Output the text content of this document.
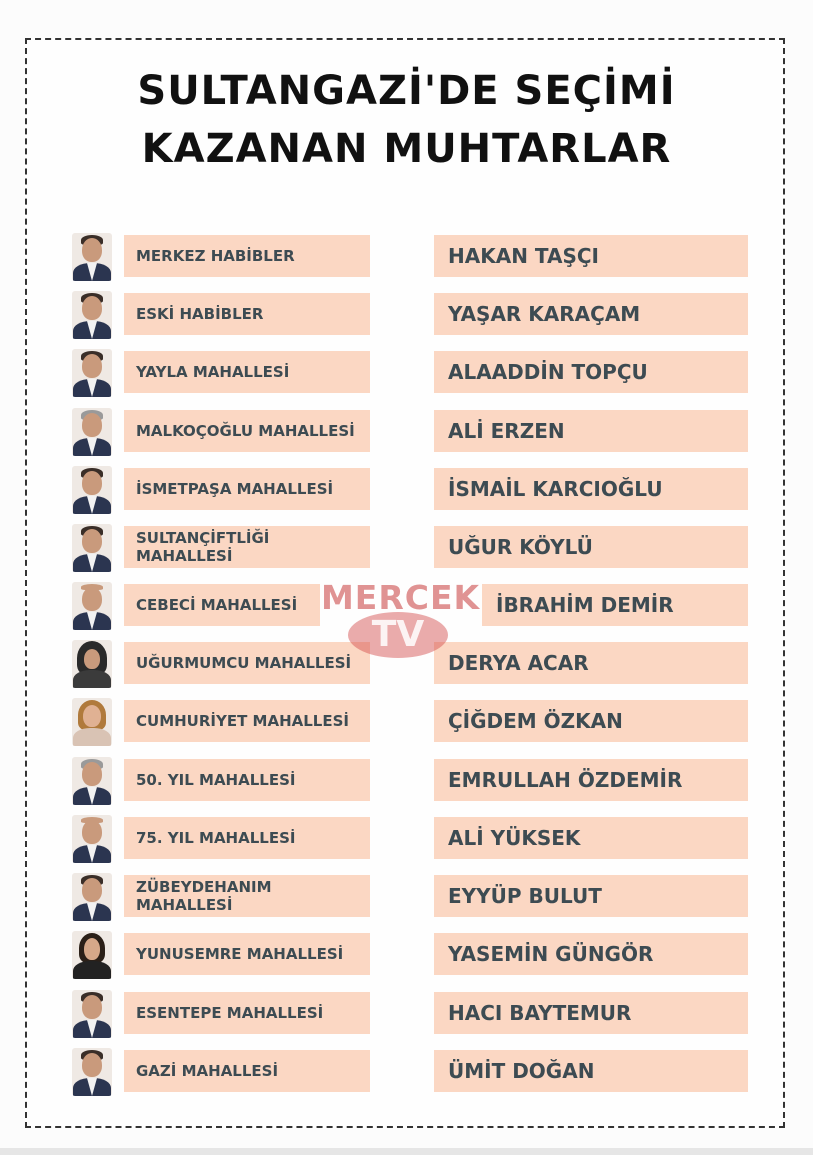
SULTANGAZİ'DE SEÇİMİ
KAZANAN MUHTARLAR
MERKEZ HABİBLER	HAKAN TAŞÇI
ESKİ HABİBLER	YAŞAR KARAÇAM
YAYLA MAHALLESİ	ALAADDİN TOPÇU
MALKOÇOĞLU MAHALLESİ	ALİ ERZEN
İSMETPAŞA MAHALLESİ	İSMAİL KARCIOĞLU
SULTANÇİFTLİĞİ MAHALLESİ	UĞUR KÖYLÜ
CEBECİ MAHALLESİ	İBRAHİM DEMİR
UĞURMUMCU MAHALLESİ	DERYA ACAR
CUMHURİYET MAHALLESİ	ÇİĞDEM ÖZKAN
50. YIL MAHALLESİ	EMRULLAH ÖZDEMİR
75. YIL MAHALLESİ	ALİ YÜKSEK
ZÜBEYDEHANIM MAHALLESİ	EYYÜP BULUT
YUNUSEMRE MAHALLESİ	YASEMİN GÜNGÖR
ESENTEPE MAHALLESİ	HACI BAYTEMUR
GAZİ MAHALLESİ	ÜMİT DOĞAN
MERCEK
TV
